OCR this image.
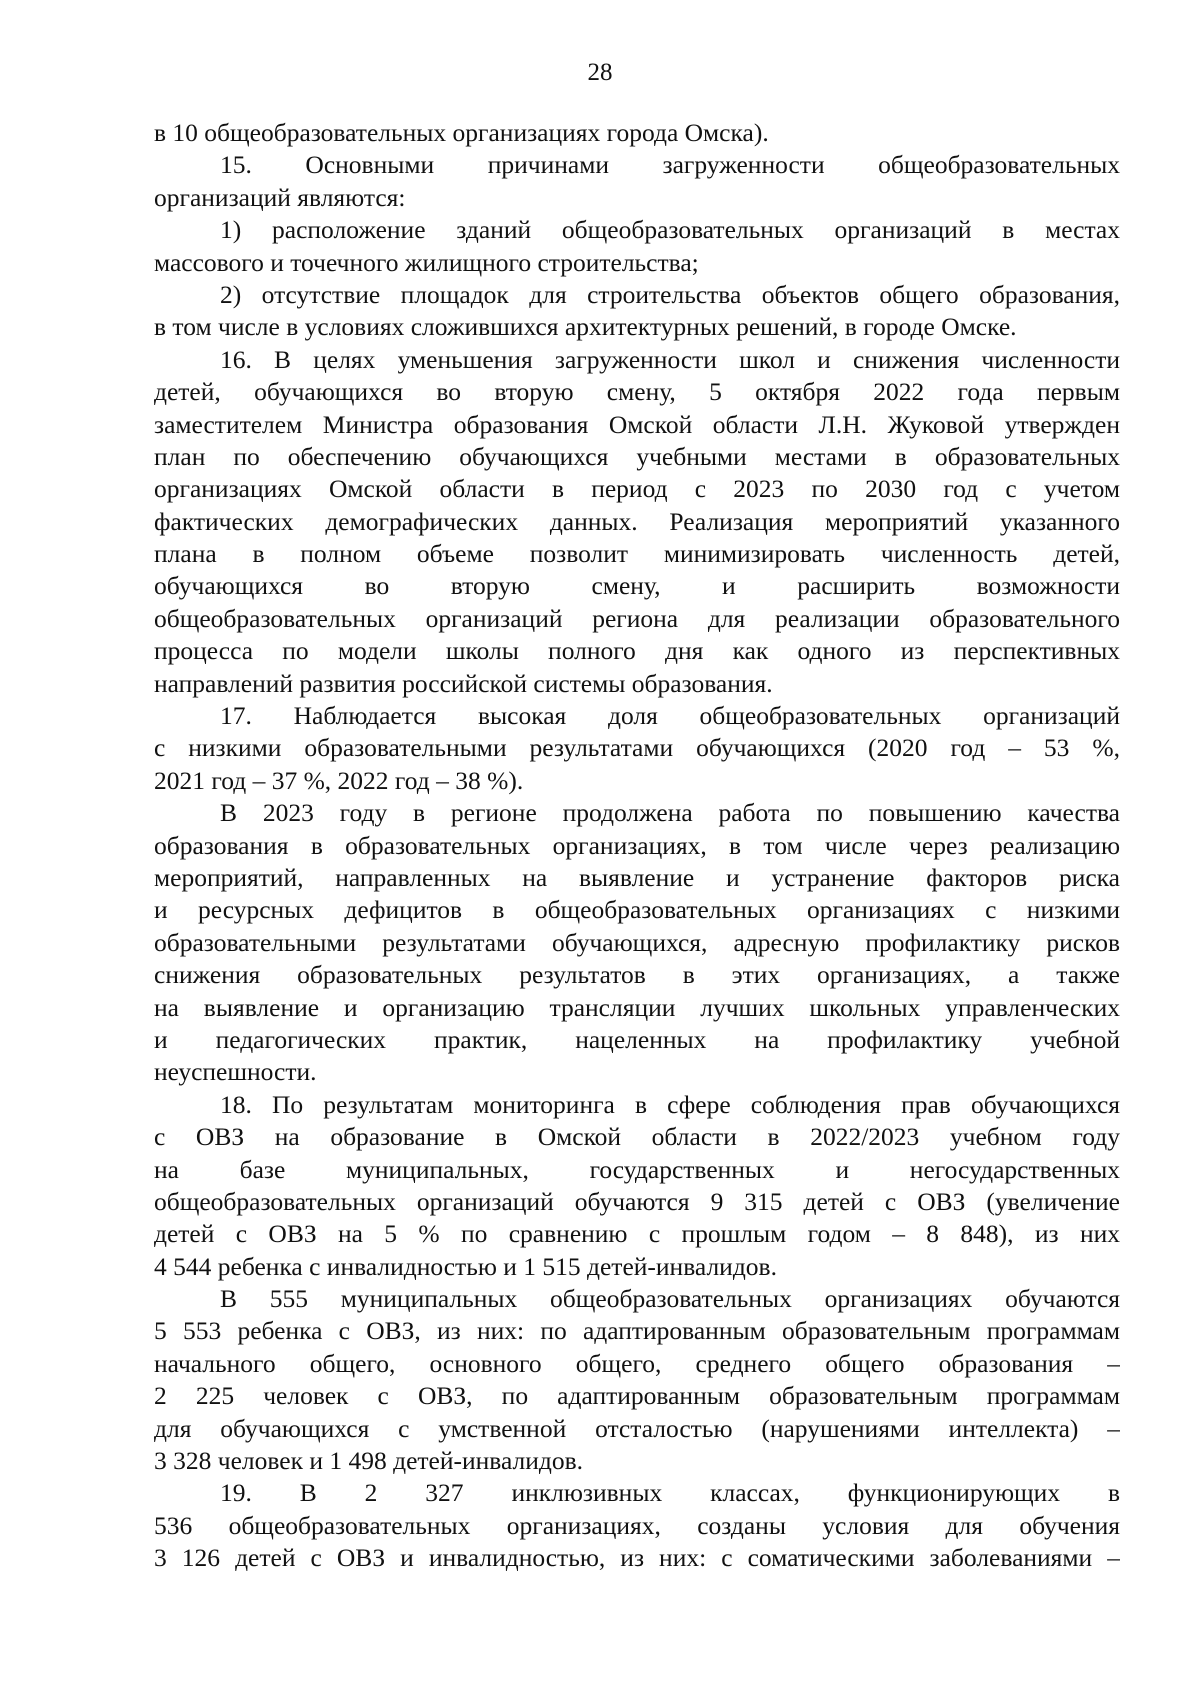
28
в 10 общеобразовательных организациях города Омска).
15. Основными причинами загруженности общеобразовательных
организаций являются:
1) расположение зданий общеобразовательных организаций в местах
массового и точечного жилищного строительства;
2) отсутствие площадок для строительства объектов общего образования,
в том числе в условиях сложившихся архитектурных решений, в городе Омске.
16. В целях уменьшения загруженности школ и снижения численности
детей, обучающихся во вторую смену, 5 октября 2022 года первым
заместителем Министра образования Омской области Л.Н. Жуковой утвержден
план по обеспечению обучающихся учебными местами в образовательных
организациях Омской области в период с 2023 по 2030 год с учетом
фактических демографических данных. Реализация мероприятий указанного
плана в полном объеме позволит минимизировать численность детей,
обучающихся во вторую смену, и расширить возможности
общеобразовательных организаций региона для реализации образовательного
процесса по модели школы полного дня как одного из перспективных
направлений развития российской системы образования.
17. Наблюдается высокая доля общеобразовательных организаций
с низкими образовательными результатами обучающихся (2020 год – 53 %,
2021 год – 37 %, 2022 год – 38 %).
В 2023 году в регионе продолжена работа по повышению качества
образования в образовательных организациях, в том числе через реализацию
мероприятий, направленных на выявление и устранение факторов риска
и ресурсных дефицитов в общеобразовательных организациях с низкими
образовательными результатами обучающихся, адресную профилактику рисков
снижения образовательных результатов в этих организациях, а также
на выявление и организацию трансляции лучших школьных управленческих
и педагогических практик, нацеленных на профилактику учебной
неуспешности.
18. По результатам мониторинга в сфере соблюдения прав обучающихся
с ОВЗ на образование в Омской области в 2022/2023 учебном году
на базе муниципальных, государственных и негосударственных
общеобразовательных организаций обучаются 9 315 детей с ОВЗ (увеличение
детей с ОВЗ на 5 % по сравнению с прошлым годом – 8 848), из них
4 544 ребенка с инвалидностью и 1 515 детей-инвалидов.
В 555 муниципальных общеобразовательных организациях обучаются
5 553 ребенка с ОВЗ, из них: по адаптированным образовательным программам
начального общего, основного общего, среднего общего образования –
2 225 человек с ОВЗ, по адаптированным образовательным программам
для обучающихся с умственной отсталостью (нарушениями интеллекта) –
3 328 человек и 1 498 детей-инвалидов.
19. В 2 327 инклюзивных классах, функционирующих в
536 общеобразовательных организациях, созданы условия для обучения
3 126 детей с ОВЗ и инвалидностью, из них: с соматическими заболеваниями –
